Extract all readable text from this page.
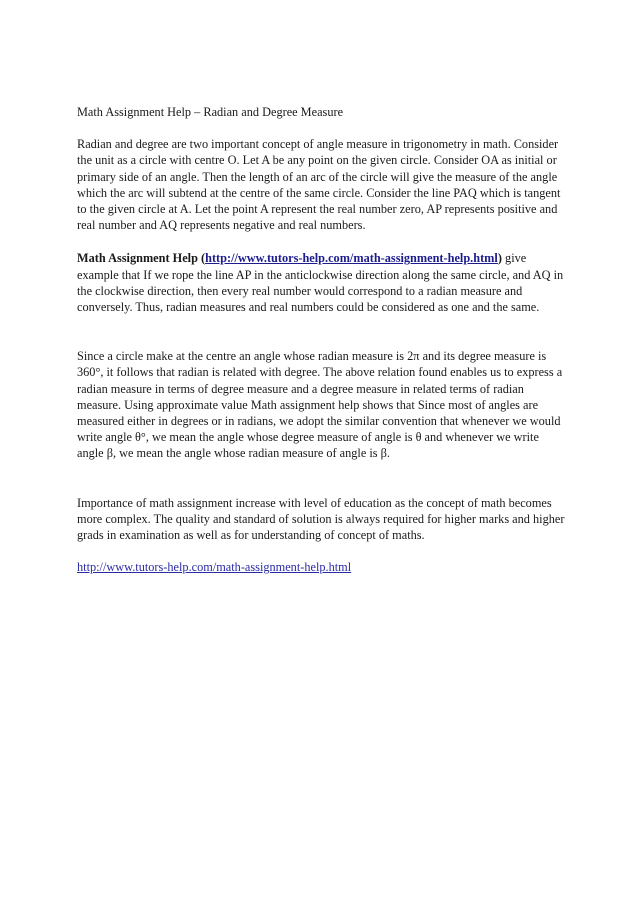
Math Assignment Help – Radian and Degree Measure

Radian and degree are two important concept of angle measure in trigonometry in math. Consider the unit as a circle with centre O. Let A be any point on the given circle. Consider OA as initial or primary side of an angle. Then the length of an arc of the circle will give the measure of the angle which the arc will subtend at the centre of the same circle. Consider the line PAQ which is tangent to the given circle at A. Let the point A represent the real number zero, AP represents positive and real number and AQ represents negative and real numbers.

Math Assignment Help (http://www.tutors-help.com/math-assignment-help.html) give example that If we rope the line AP in the anticlockwise direction along the same circle, and AQ in the clockwise direction, then every real number would correspond to a radian measure and conversely. Thus, radian measures and real numbers could be considered as one and the same.

Since a circle make at the centre an angle whose radian measure is 2π and its degree measure is 360°, it follows that radian is related with degree. The above relation found enables us to express a radian measure in terms of degree measure and a degree measure in related terms of radian measure. Using approximate value Math assignment help shows that Since most of angles are measured either in degrees or in radians, we adopt the similar convention that whenever we would write angle θ°, we mean the angle whose degree measure of angle is θ and whenever we write angle β, we mean the angle whose radian measure of angle is β.

Importance of math assignment increase with level of education as the concept of math becomes more complex. The quality and standard of solution is always required for higher marks and higher grads in examination as well as for understanding of concept of maths.

http://www.tutors-help.com/math-assignment-help.html
